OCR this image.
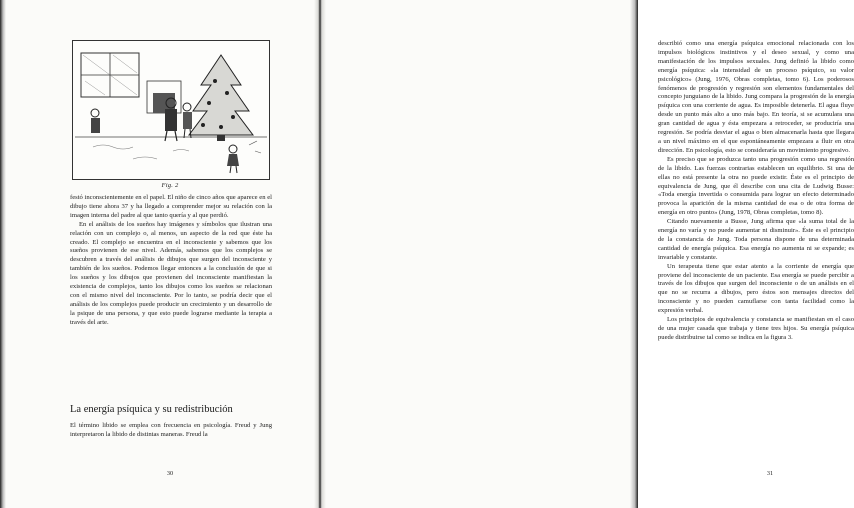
Fig. 2

festó inconscientemente en el papel. El niño de cinco años que aparece en el dibujo tiene ahora 37 y ha llegado a comprender mejor su relación con la imagen interna del padre al que tanto quería y al que perdió.

En el análisis de los sueños hay imágenes y símbolos que ilustran una relación con un complejo o, al menos, un aspecto de la red que éste ha creado. El complejo se encuentra en el inconsciente y sabemos que los sueños provienen de ese nivel. Además, sabemos que los complejos se descubren a través del análisis de dibujos que surgen del inconsciente y también de los sueños. Podemos llegar entonces a la conclusión de que si los sueños y los dibujos que provienen del inconsciente manifiestan la existencia de complejos, tanto los dibujos como los sueños se relacionan con el mismo nivel del inconsciente. Por lo tanto, se podría decir que el análisis de los complejos puede producir un crecimiento y un desarrollo de la psique de una persona, y que esto puede lograrse mediante la terapia a través del arte.

La energía psíquica y su redistribución

El término libido se emplea con frecuencia en psicología. Freud y Jung interpretaron la libido de distintas maneras. Freud la

30

describió como una energía psíquica emocional relacionada con los impulsos biológicos instintivos y el deseo sexual, y como una manifestación de los impulsos sexuales. Jung definió la libido como energía psíquica: «la intensidad de un proceso psíquico, su valor psicológico» (Jung, 1976, Obras completas, tomo 6). Los poderosos fenómenos de progresión y regresión son elementos fundamentales del concepto junguiano de la libido. Jung compara la progresión de la energía psíquica con una corriente de agua. Es imposible detenerla. El agua fluye desde un punto más alto a uno más bajo. En teoría, si se acumulara una gran cantidad de agua y ésta empezara a retroceder, se produciría una regresión. Se podría desviar el agua o bien almacenarla hasta que llegara a un nivel máximo en el que espontáneamente empezara a fluir en otra dirección. En psicología, esto se consideraría un movimiento progresivo.

Es preciso que se produzca tanto una progresión como una regresión de la libido. Las fuerzas contrarias establecen un equilibrio. Si una de ellas no está presente la otra no puede existir. Éste es el principio de equivalencia de Jung, que él describe con una cita de Ludwig Busse: «Toda energía invertida o consumida para lograr un efecto determinado provoca la aparición de la misma cantidad de esa o de otra forma de energía en otro punto» (Jung, 1978, Obras completas, tomo 8).

Citando nuevamente a Busse, Jung afirma que «la suma total de la energía no varía y no puede aumentar ni disminuir». Éste es el principio de la constancia de Jung. Toda persona dispone de una determinada cantidad de energía psíquica. Esa energía no aumenta ni se expande; es invariable y constante.

Un terapeuta tiene que estar atento a la corriente de energía que proviene del inconsciente de un paciente. Esa energía se puede percibir a través de los dibujos que surgen del inconsciente o de un análisis en el que no se recurra a dibujos, pero éstos son mensajes directos del inconsciente y no pueden camuflarse con tanta facilidad como la expresión verbal.

Los principios de equivalencia y constancia se manifiestan en el caso de una mujer casada que trabaja y tiene tres hijos. Su energía psíquica puede distribuirse tal como se indica en la figura 3.

31
